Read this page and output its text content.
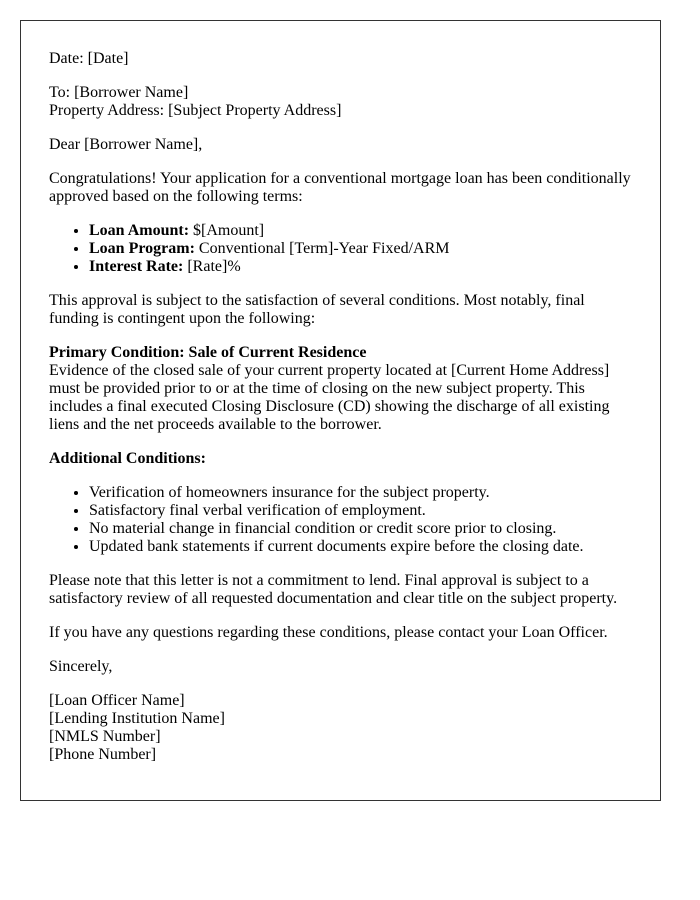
Date: [Date]

To: [Borrower Name]
Property Address: [Subject Property Address]

Dear [Borrower Name],

Congratulations! Your application for a conventional mortgage loan has been conditionally approved based on the following terms:

• Loan Amount: $[Amount]
• Loan Program: Conventional [Term]-Year Fixed/ARM
• Interest Rate: [Rate]%

This approval is subject to the satisfaction of several conditions. Most notably, final funding is contingent upon the following:

Primary Condition: Sale of Current Residence
Evidence of the closed sale of your current property located at [Current Home Address] must be provided prior to or at the time of closing on the new subject property. This includes a final executed Closing Disclosure (CD) showing the discharge of all existing liens and the net proceeds available to the borrower.

Additional Conditions:

• Verification of homeowners insurance for the subject property.
• Satisfactory final verbal verification of employment.
• No material change in financial condition or credit score prior to closing.
• Updated bank statements if current documents expire before the closing date.

Please note that this letter is not a commitment to lend. Final approval is subject to a satisfactory review of all requested documentation and clear title on the subject property.

If you have any questions regarding these conditions, please contact your Loan Officer.

Sincerely,

[Loan Officer Name]
[Lending Institution Name]
[NMLS Number]
[Phone Number]
